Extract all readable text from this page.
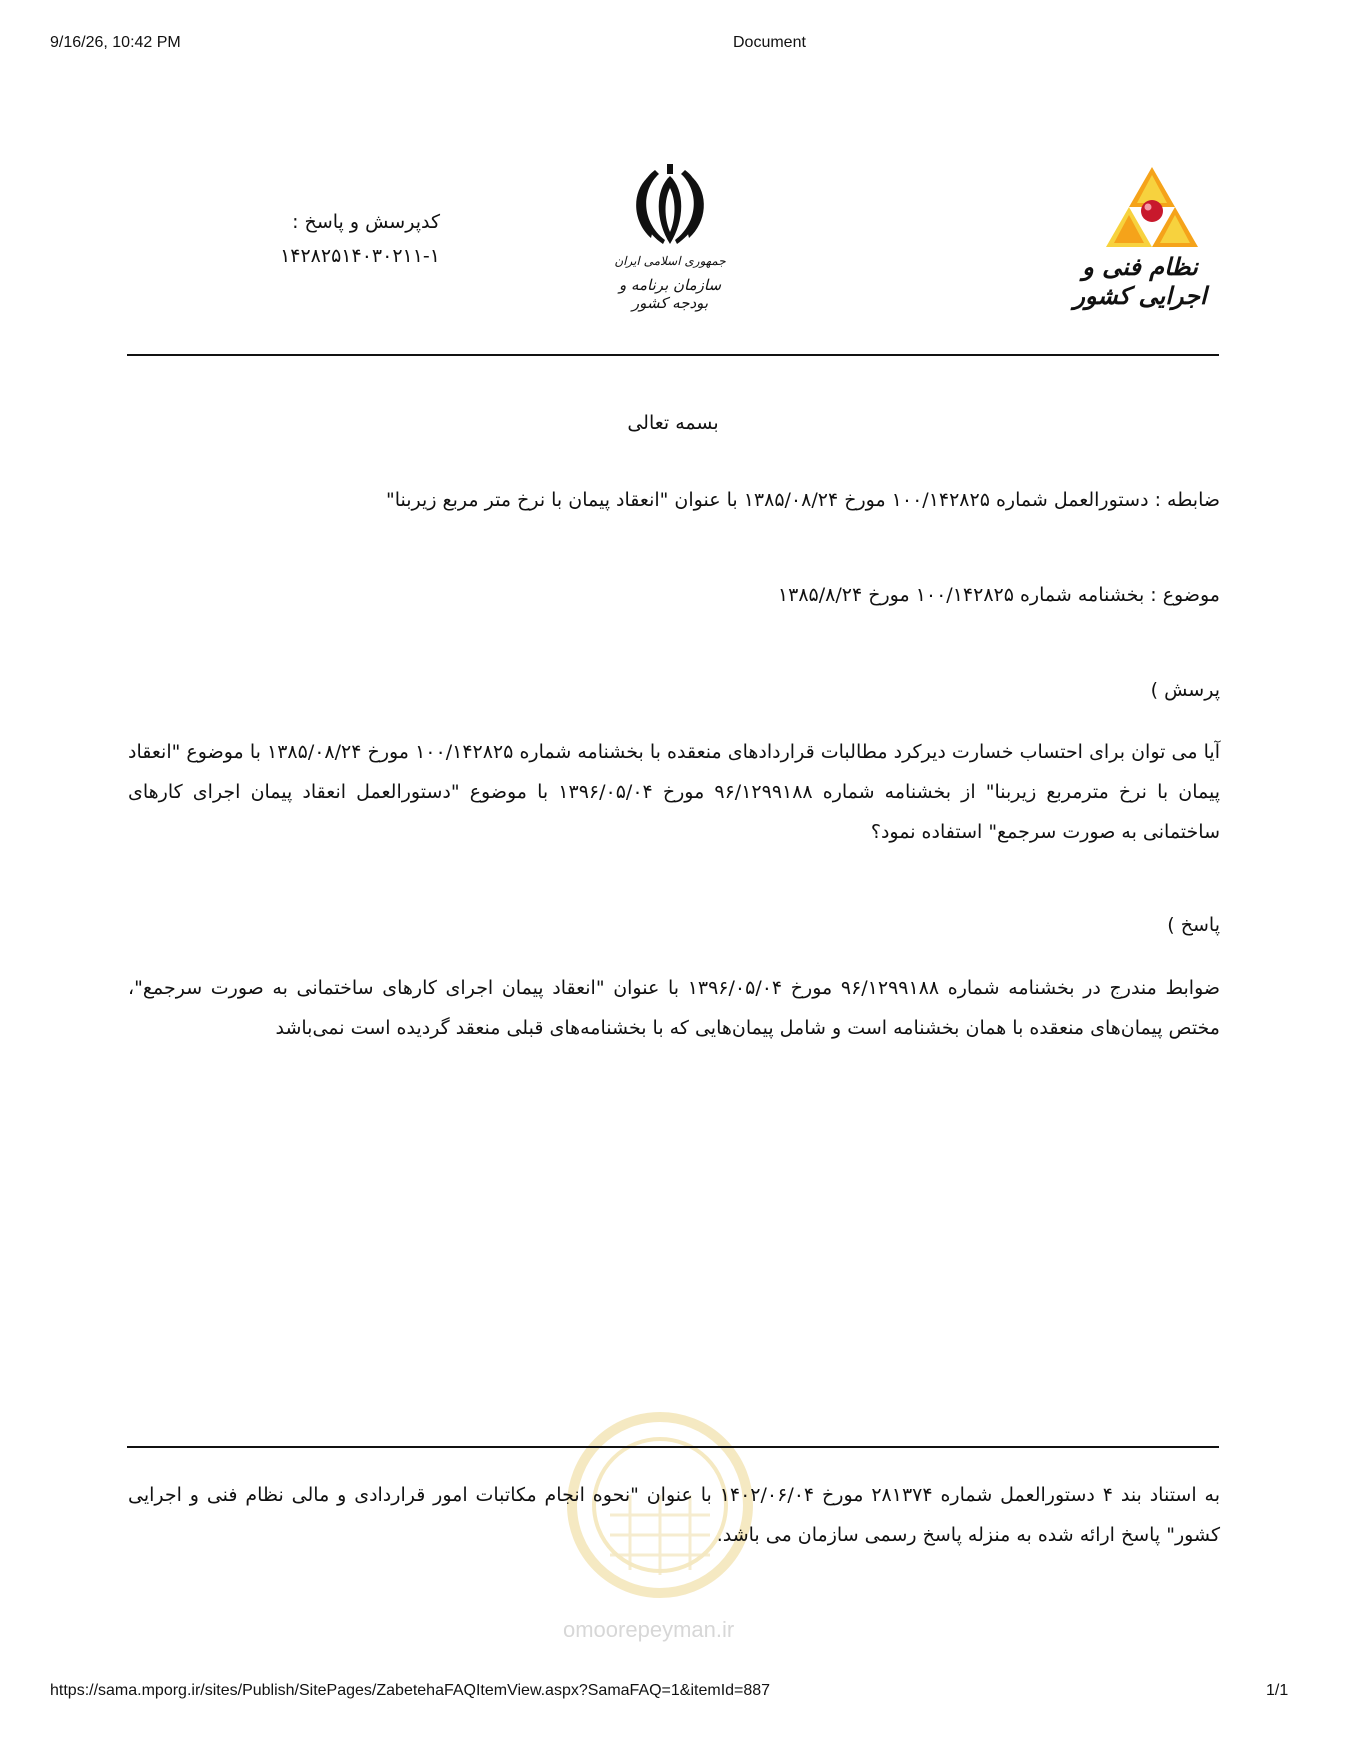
9/16/26, 10:42 PM	Document
نظام فنی و اجرایی کشور
جمهوری اسلامی ایران
سازمان برنامه و بودجه کشور
کدپرسش و پاسخ :
۱۴۲۸۲۵۱۴۰۳۰۲۱۱-۱
بسمه تعالی
ضابطه : دستورالعمل شماره ۱۰۰/۱۴۲۸۲۵ مورخ ۱۳۸۵/۰۸/۲۴ با عنوان "انعقاد پیمان با نرخ متر مربع زیربنا"
موضوع : بخشنامه شماره ۱۰۰/۱۴۲۸۲۵ مورخ ۱۳۸۵/۸/۲۴
پرسش )
آیا می توان برای احتساب خسارت دیرکرد مطالبات قراردادهای منعقده با بخشنامه شماره ۱۰۰/۱۴۲۸۲۵ مورخ ۱۳۸۵/۰۸/۲۴ با موضوع "انعقاد پیمان با نرخ مترمربع زیربنا" از بخشنامه شماره ۹۶/۱۲۹۹۱۸۸ مورخ ۱۳۹۶/۰۵/۰۴ با موضوع "دستورالعمل انعقاد پیمان اجرای کارهای ساختمانی به صورت سرجمع" استفاده نمود؟
پاسخ )
ضوابط مندرج در بخشنامه شماره ۹۶/۱۲۹۹۱۸۸ مورخ ۱۳۹۶/۰۵/۰۴ با عنوان "انعقاد پیمان اجرای کارهای ساختمانی به صورت سرجمع"، مختص پیمان‌های منعقده با همان بخشنامه است و شامل پیمان‌هایی که با بخشنامه‌های قبلی منعقد گردیده است نمی‌باشد
omoorepeyman.ir
به استناد بند ۴ دستورالعمل شماره ۲۸۱۳۷۴ مورخ ۱۴۰۲/۰۶/۰۴ با عنوان "نحوه انجام مکاتبات امور قراردادی و مالی نظام فنی و اجرایی کشور" پاسخ ارائه شده به منزله پاسخ رسمی سازمان می باشد.
https://sama.mporg.ir/sites/Publish/SitePages/ZabetehaFAQItemView.aspx?SamaFAQ=1&itemId=887	1/1
